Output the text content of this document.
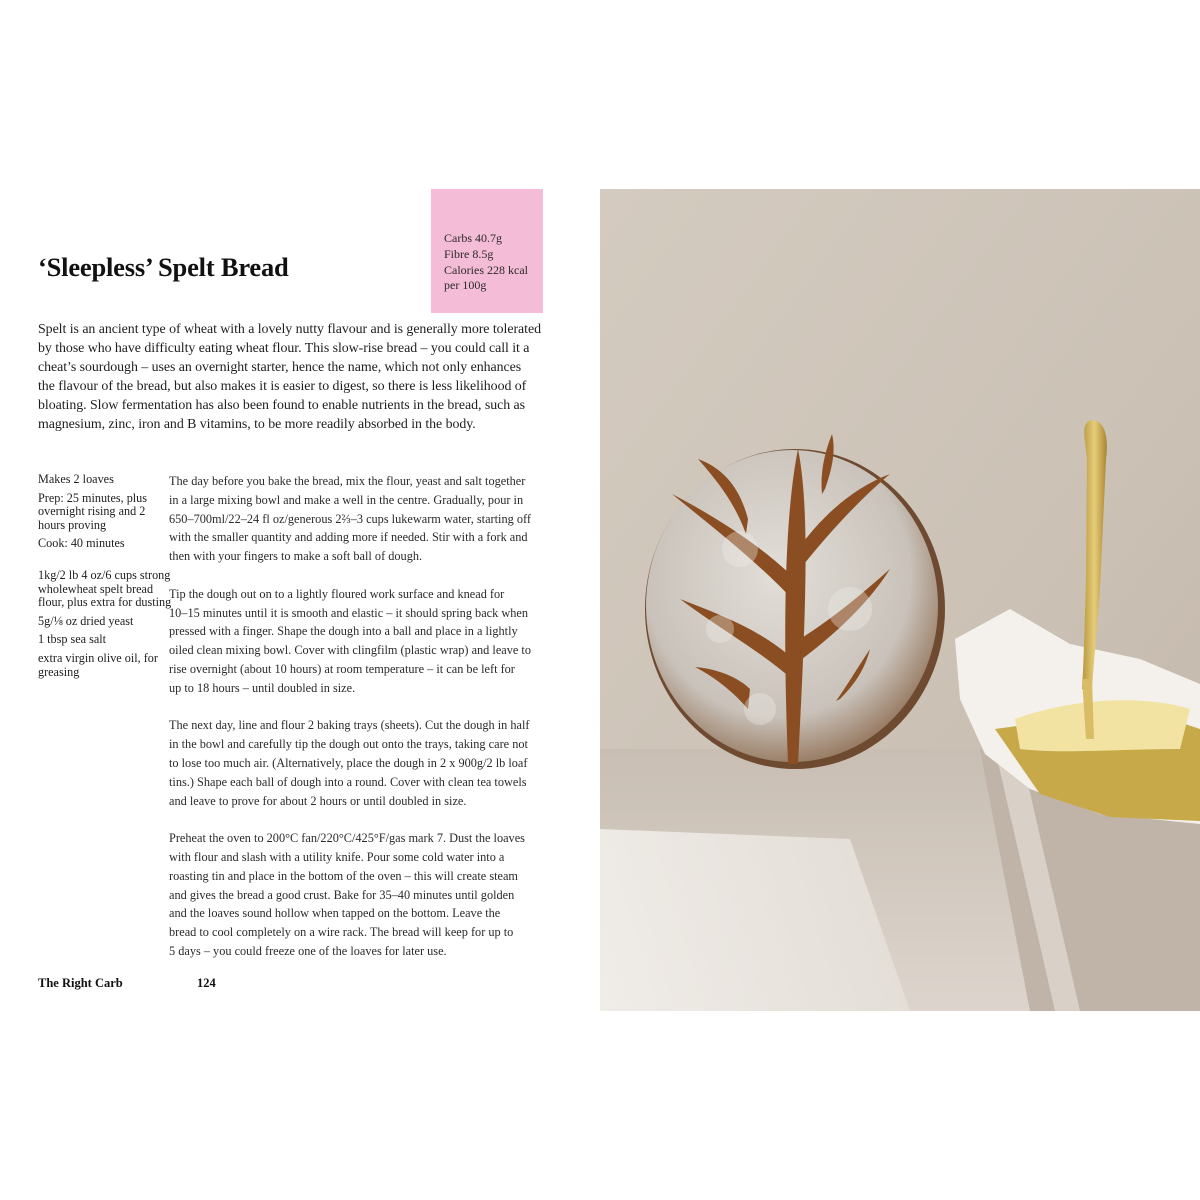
‘Sleepless’ Spelt Bread
Carbs 40.7g
Fibre 8.5g
Calories 228 kcal
per 100g

Spelt is an ancient type of wheat with a lovely nutty flavour and is generally more tolerated
by those who have difficulty eating wheat flour. This slow-rise bread – you could call it a
cheat’s sourdough – uses an overnight starter, hence the name, which not only enhances
the flavour of the bread, but also makes it is easier to digest, so there is less likelihood of
bloating. Slow fermentation has also been found to enable nutrients in the bread, such as
magnesium, zinc, iron and B vitamins, to be more readily absorbed in the body.

Makes 2 loaves
Prep: 25 minutes, plus overnight rising and 2 hours proving
Cook: 40 minutes
1kg/2 lb 4 oz/6 cups strong wholewheat spelt bread flour, plus extra for dusting
5g/⅛ oz dried yeast
1 tbsp sea salt
extra virgin olive oil, for greasing
The day before you bake the bread, mix the flour, yeast and salt together
in a large mixing bowl and make a well in the centre. Gradually, pour in
650–700ml/22–24 fl oz/generous 2⅔–3 cups lukewarm water, starting off
with the smaller quantity and adding more if needed. Stir with a fork and
then with your fingers to make a soft ball of dough.
Tip the dough out on to a lightly floured work surface and knead for
10–15 minutes until it is smooth and elastic – it should spring back when
pressed with a finger. Shape the dough into a ball and place in a lightly
oiled clean mixing bowl. Cover with clingfilm (plastic wrap) and leave to
rise overnight (about 10 hours) at room temperature – it can be left for
up to 18 hours – until doubled in size.
The next day, line and flour 2 baking trays (sheets). Cut the dough in half
in the bowl and carefully tip the dough out onto the trays, taking care not
to lose too much air. (Alternatively, place the dough in 2 x 900g/2 lb loaf
tins.) Shape each ball of dough into a round. Cover with clean tea towels
and leave to prove for about 2 hours or until doubled in size.
Preheat the oven to 200°C fan/220°C/425°F/gas mark 7. Dust the loaves
with flour and slash with a utility knife. Pour some cold water into a
roasting tin and place in the bottom of the oven – this will create steam
and gives the bread a good crust. Bake for 35–40 minutes until golden
and the loaves sound hollow when tapped on the bottom. Leave the
bread to cool completely on a wire rack. The bread will keep for up to
5 days – you could freeze one of the loaves for later use.
The Right Carb	124
